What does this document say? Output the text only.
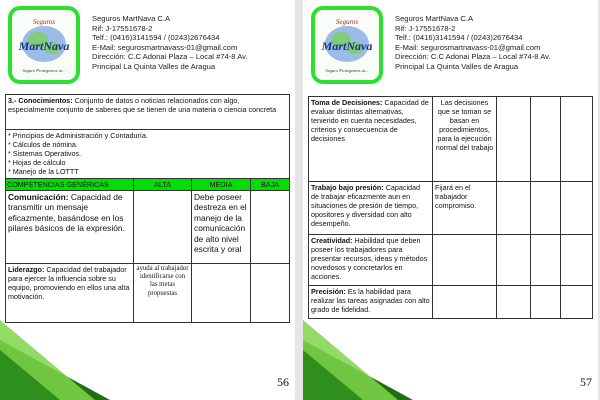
Seguros
MartNava
Seguro Protegemos tu...
Seguros MartNava C.A
Rif: J-17551678-2
Telf.: (0416)3141594 / (0243)2676434
E-Mail: segurosmartnavass-01@gmail.com
Dirección: C.C Adonai Plaza – Local #74-8 Av.
Principal La Quinta Valles de Aragua
3.- Conocimientos: Conjunto de datos o noticias relacionados con algo, especialmente conjunto de saberes que se tienen de una materia o ciencia concreta			

* Principios de Administración y Contaduría.
* Cálculos de nómina.
* Sistemas Operativos.
* Hojas de cálculo
* Manejo de la LOTTT			

COMPETENCIAS GENÉRICAS	ALTA	MEDIA	BAJA
Comunicación: Capacidad de transmitir un mensaje eficazmente, basándose en los pilares básicos de la expresión.		Debe poseer destreza en el manejo de la comunicación de alto nivel escrita y oral	
Liderazgo: Capacidad del trabajador para ejercer la influencia sobre su equipo, promoviendo en ellos una alta motivación.	ayuda al trabajador identificarse con las metas propuestas		
56
Seguros
MartNava
Seguro Protegemos tu...
Seguros MartNava C.A
Rif: J-17551678-2
Telf.: (0416)3141594 / (0243)2676434
E-Mail: segurosmartnavass-01@gmail.com
Dirección: C.C Adonai Plaza – Local #74-8 Av.
Principal La Quinta Valles de Aragua
Toma de Decisiones: Capacidad de evaluar distintas alternativas, teniendo en cuenta necesidades, criterios y consecuencia de decisiones	Las decisiones que se toman se basan en procedimientos, para la ejecución normal del trabajo			
Trabajo bajo presión: Capacidad de trabajar eficazmente aun en situaciones de presión de tiempo, opositores y diversidad con alto desempeño.	Fijará en el trabajador compromiso.			
Creatividad: Habilidad que deben poseer los trabajadores para presentar recursos, ideas y métodos novedosos y concretarlos en acciones.				
Precisión: Es la habilidad para realizar las tareas asignadas con alto grado de fidelidad.				
57
